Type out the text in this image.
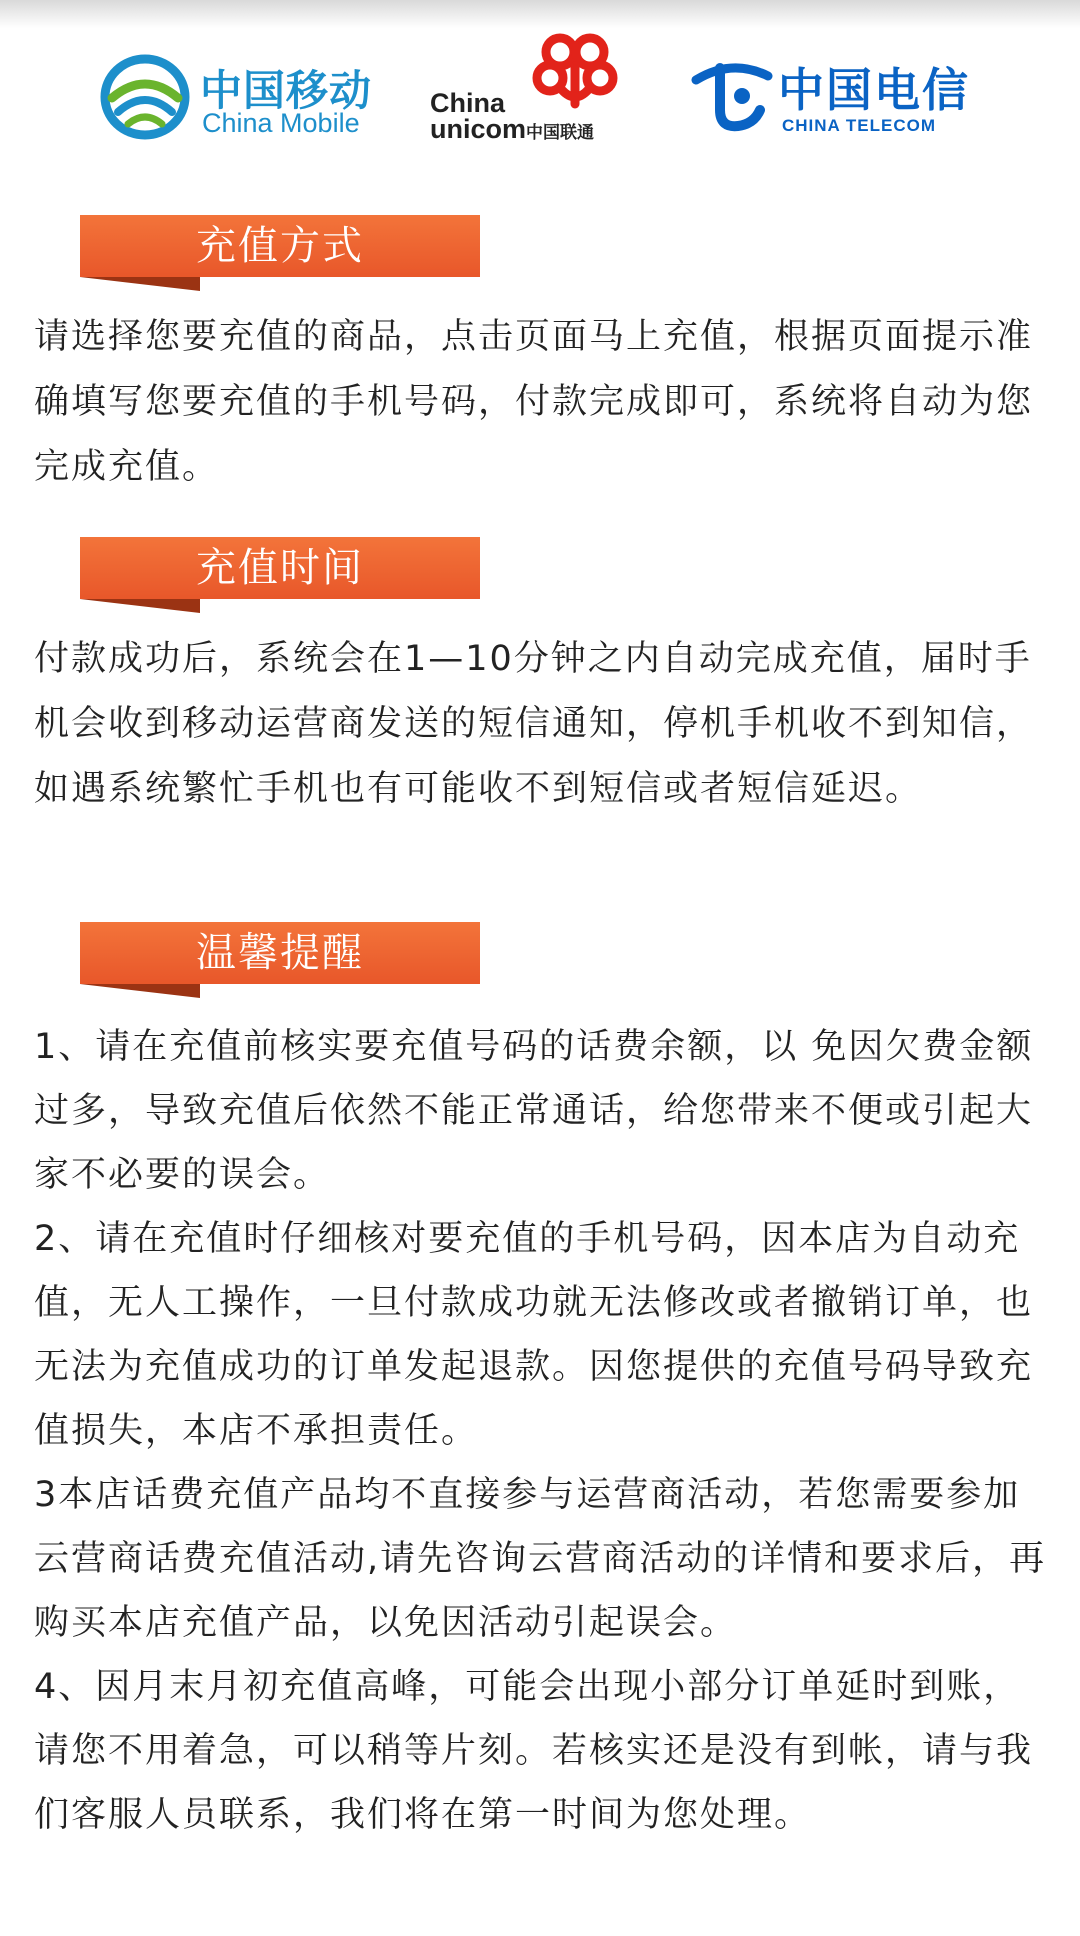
中国移动
China Mobile
China
unicom中国联通
中国电信
CHINA TELECOM
充值方式

请选择您要充值的商品，点击页面马上充值，根据页面提示准确填写您要充值的手机号码，付款完成即可，系统将自动为您完成充值。

充值时间

付款成功后，系统会在1—10分钟之内自动完成充值，届时手机会收到移动运营商发送的短信通知，停机手机收不到知信，如遇系统繁忙手机也有可能收不到短信或者短信延迟。

温馨提醒

1、请在充值前核实要充值号码的话费余额，以 免因欠费金额过多，导致充值后依然不能正常通话，给您带来不便或引起大家不必要的误会。

2、请在充值时仔细核对要充值的手机号码，因本店为自动充值，无人工操作，一旦付款成功就无法修改或者撤销订单，也无法为充值成功的订单发起退款。因您提供的充值号码导致充值损失，本店不承担责任。

3本店话费充值产品均不直接参与运营商活动，若您需要参加云营商话费充值活动,请先咨询云营商活动的详情和要求后，再购买本店充值产品，以免因活动引起误会。

4、因月末月初充值高峰，可能会出现小部分订单延时到账，请您不用着急，可以稍等片刻。若核实还是没有到帐，请与我们客服人员联系，我们将在第一时间为您处理。
